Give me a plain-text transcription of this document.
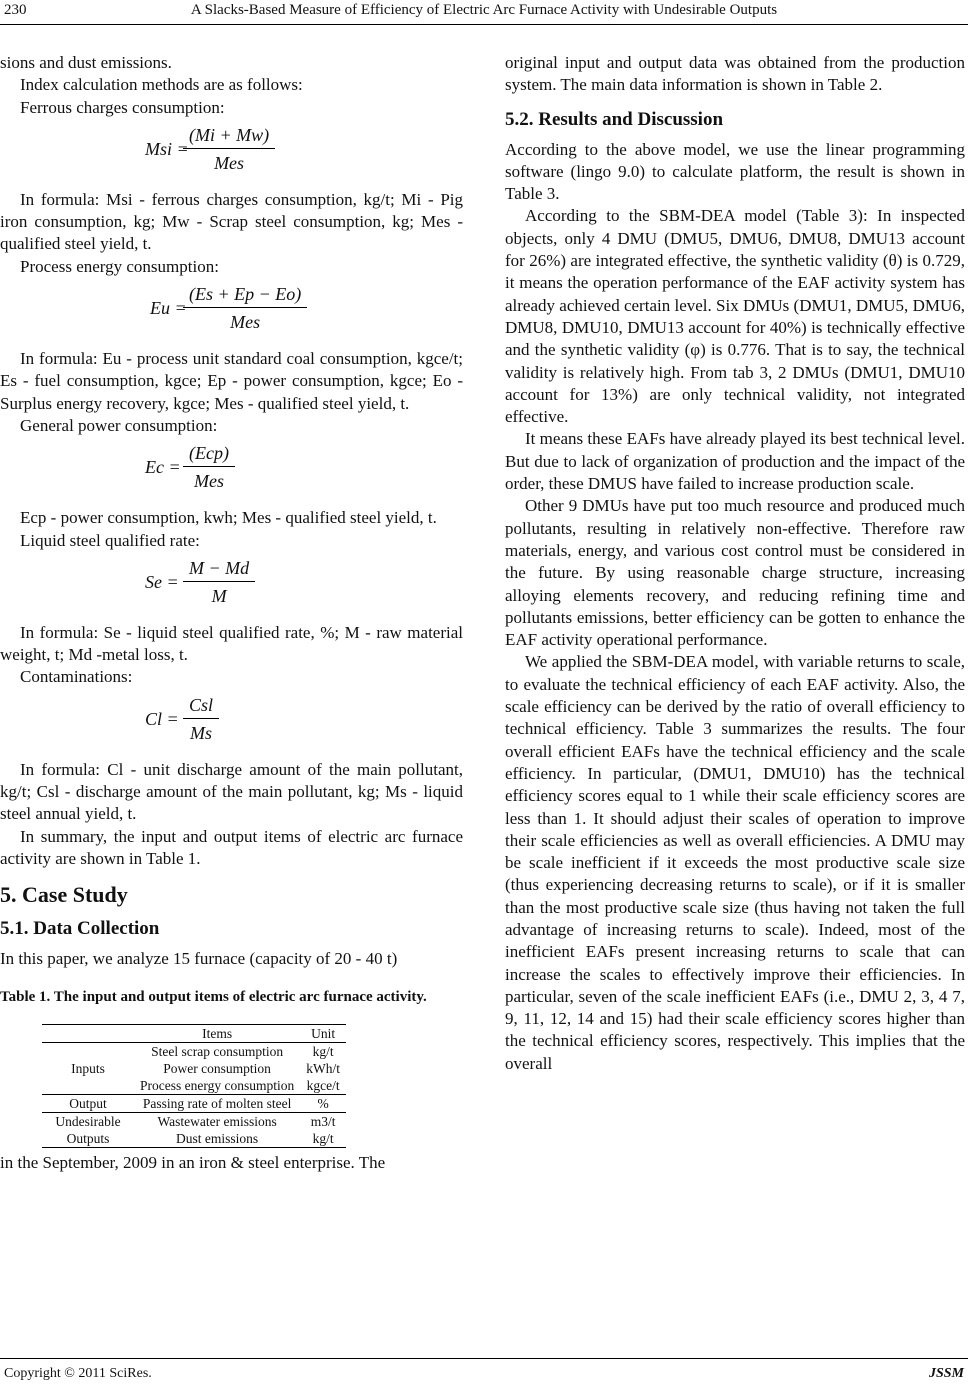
230	A Slacks-Based Measure of Efficiency of Electric Arc Furnace Activity with Undesirable Outputs

sions and dust emissions.

Index calculation methods are as follows:

Ferrous charges consumption:

Msi =
(Mi + Mw)
Mes

In formula: Msi - ferrous charges consumption, kg/t; Mi - Pig iron consumption, kg; Mw - Scrap steel consumption, kg; Mes - qualified steel yield, t.

Process energy consumption:

Eu =
(Es + Ep − Eo)
Mes

In formula: Eu - process unit standard coal consumption, kgce/t; Es - fuel consumption, kgce; Ep - power consumption, kgce; Eo - Surplus energy recovery, kgce; Mes - qualified steel yield, t.

General power consumption:

Ec =
(Ecp)
Mes

Ecp - power consumption, kwh; Mes - qualified steel yield, t.

Liquid steel qualified rate:

$Se = \frac{M - Md}{M}$

In formula: Se - liquid steel qualified rate, %; M - raw material weight, t; Md -metal loss, t.

Contaminations:

Cl =
Csl
Ms

In formula: Cl - unit discharge amount of the main pollutant, kg/t; Csl - discharge amount of the main pollutant, kg; Ms - liquid steel annual yield, t.

In summary, the input and output items of electric arc furnace activity are shown in Table 1.

5. Case Study
5.1. Data Collection

In this paper, we analyze 15 furnace (capacity of 20 - 40 t)

Table 1. The input and output items of electric arc furnace activity.
	Items	Unit
Inputs	Steel scrap consumption	kg/t
	Power consumption	kWh/t
	Process energy consumption	kgce/t
Output	Passing rate of molten steel	%
Undesirable	Wastewater emissions	m3/t
Outputs	Dust emissions	kg/t

in the September, 2009 in an iron & steel enterprise. The

original input and output data was obtained from the production system. The main data information is shown in Table 2.

5.2. Results and Discussion

According to the above model, we use the linear programming software (lingo 9.0) to calculate platform, the result is shown in Table 3.

According to the SBM-DEA model (Table 3): In inspected objects, only 4 DMU (DMU5, DMU6, DMU8, DMU13 account for 26%) are integrated effective, the synthetic validity (θ) is 0.729, it means the operation performance of the EAF activity system has already achieved certain level. Six DMUs (DMU1, DMU5, DMU6, DMU8, DMU10, DMU13 account for 40%) is technically effective and the synthetic validity (φ) is 0.776. That is to say, the technical validity is relatively high. From tab 3, 2 DMUs (DMU1, DMU10 account for 13%) are only technical validity, not integrated effective.

It means these EAFs have already played its best technical level. But due to lack of organization of production and the impact of the order, these DMUS have failed to increase production scale.

Other 9 DMUs have put too much resource and produced much pollutants, resulting in relatively non-effective. Therefore raw materials, energy, and various cost control must be considered in the future. By using reasonable charge structure, increasing alloying elements recovery, and reducing refining time and pollutants emissions, better efficiency can be gotten to enhance the EAF activity operational performance.

We applied the SBM-DEA model, with variable returns to scale, to evaluate the technical efficiency of each EAF activity. Also, the scale efficiency can be derived by the ratio of overall efficiency to technical efficiency. Table 3 summarizes the results. The four overall efficient EAFs have the technical efficiency and the scale efficiency. In particular, (DMU1, DMU10) has the technical efficiency scores equal to 1 while their scale efficiency scores are less than 1. It should adjust their scales of operation to improve their scale efficiencies as well as overall efficiencies. A DMU may be scale inefficient if it exceeds the most productive scale size (thus experiencing decreasing returns to scale), or if it is smaller than the most productive scale size (thus having not taken the full advantage of increasing returns to scale). Indeed, most of the inefficient EAFs present increasing returns to scale that can increase the scales to effectively improve their efficiencies. In particular, seven of the scale inefficient EAFs (i.e., DMU 2, 3, 4 7, 9, 11, 12, 14 and 15) had their scale efficiency scores higher than the technical efficiency scores, respectively. This implies that the overall

Copyright © 2011 SciRes.	JSSM
